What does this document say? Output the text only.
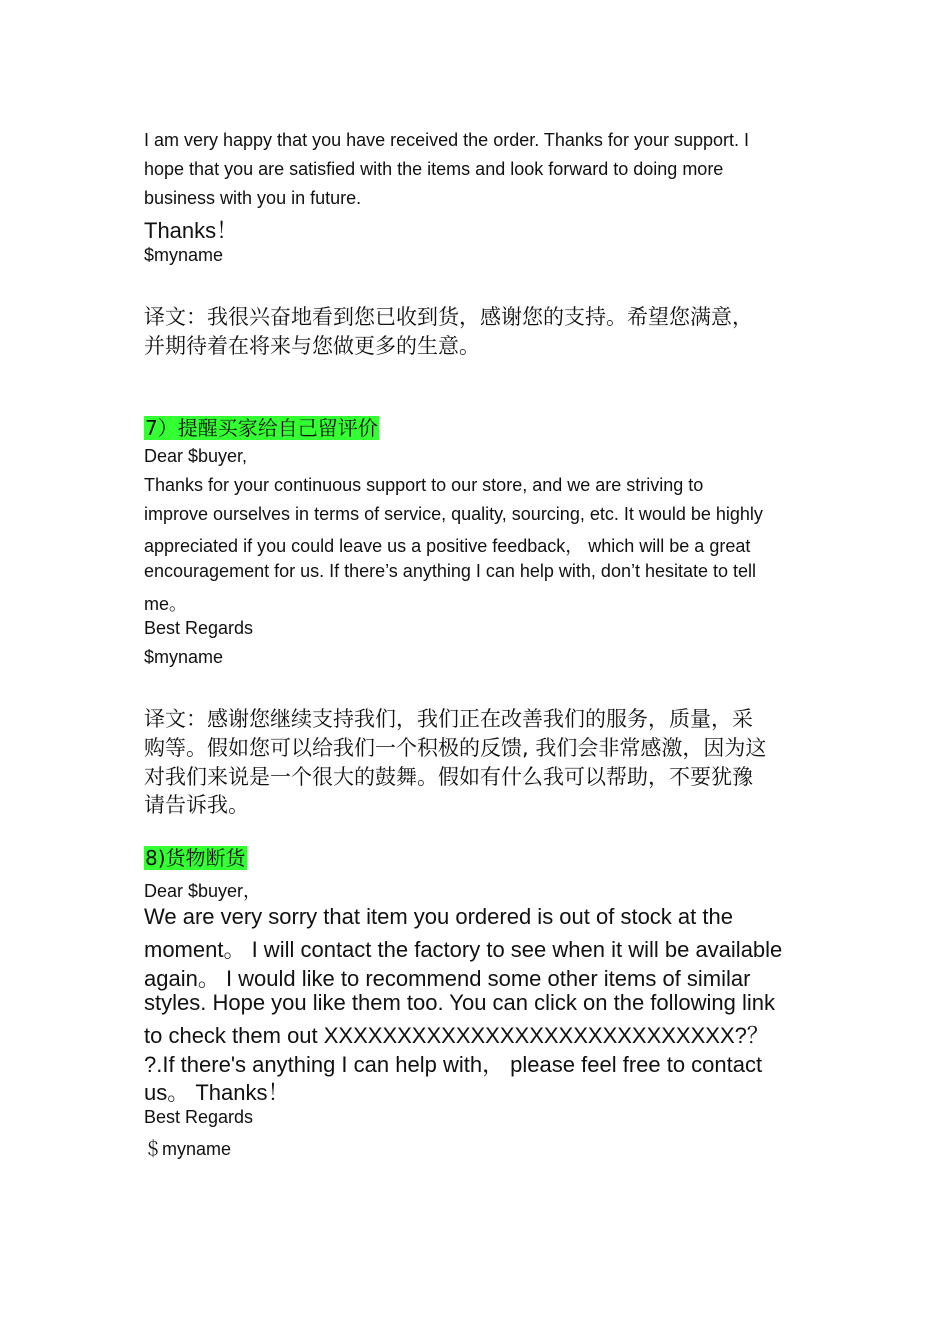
I am very happy that you have received the order. Thanks for your support. I
hope that you are satisfied with the items and look forward to doing more
business with you in future.
Thanks！
$myname
译文：我很兴奋地看到您已收到货，感谢您的支持。希望您满意，
并期待着在将来与您做更多的生意。
7）提醒买家给自己留评价
Dear $buyer,
Thanks for your continuous support to our store, and we are striving to
improve ourselves in terms of service, quality, sourcing, etc. It would be highly
appreciated if you could leave us a positive feedback， which will be a great
encouragement for us. If there’s anything I can help with, don’t hesitate to tell
me。
Best Regards
$myname
译文：感谢您继续支持我们，我们正在改善我们的服务，质量，采
购等。假如您可以给我们一个积极的反馈, 我们会非常感激，因为这
对我们来说是一个很大的鼓舞。假如有什么我可以帮助，不要犹豫
请告诉我。
8)货物断货
Dear $buyer，
We are very sorry that item you ordered is out of stock at the
moment。 I will contact the factory to see when it will be available
again。 I would like to recommend some other items of similar
styles. Hope you like them too. You can click on the following link
to check them out XXXXXXXXXXXXXXXXXXXXXXXXXXXX?？
?.If there's anything I can help with， please feel free to contact
us。 Thanks！
Best Regards
＄myname
